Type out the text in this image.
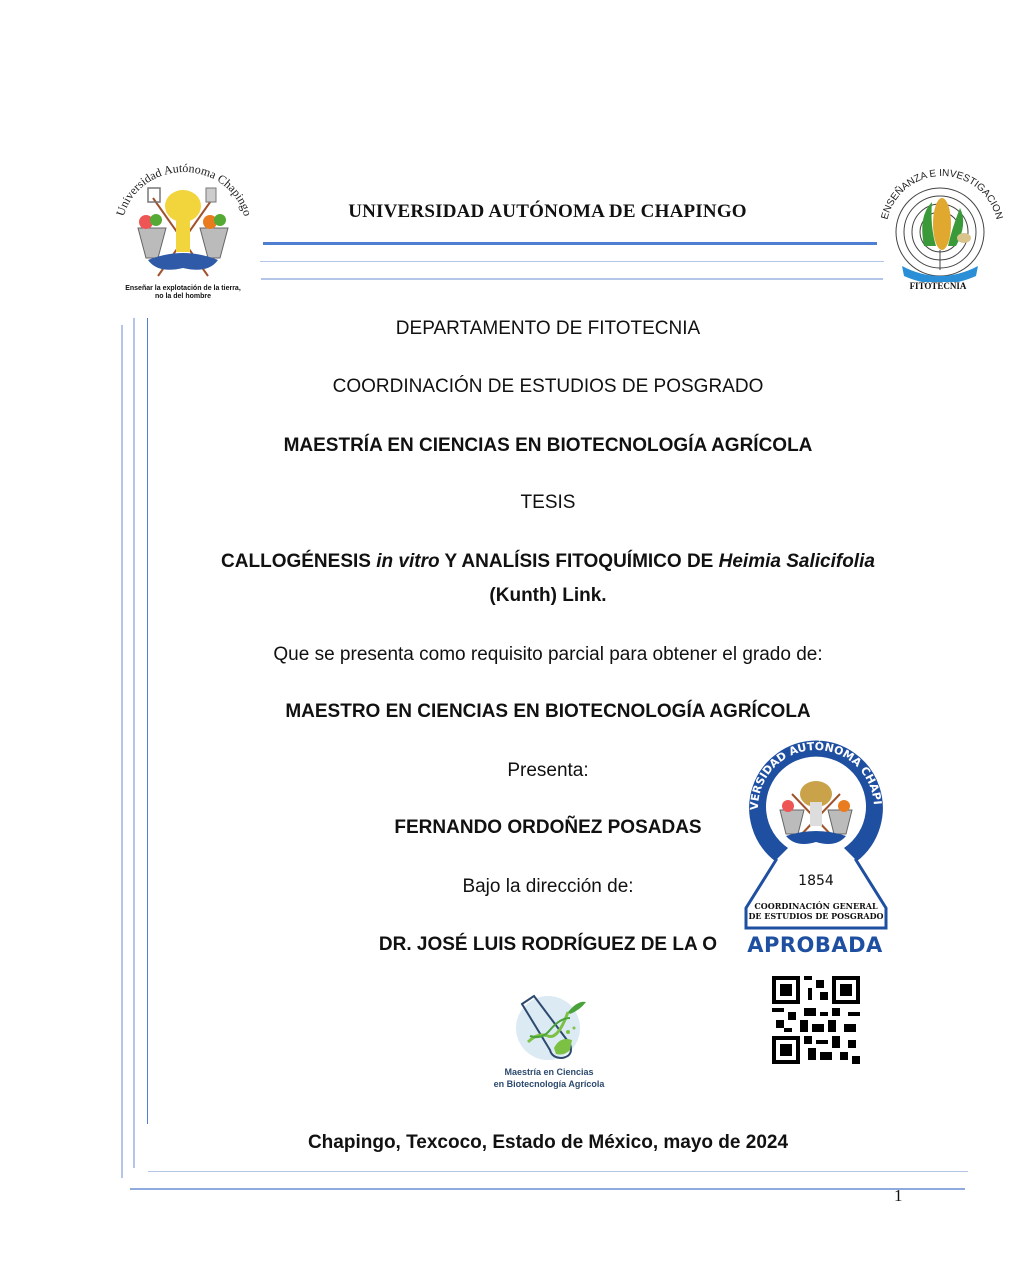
Universidad Autónoma Chapingo
Enseñar la explotación de la tierra,
no la del hombre
UNIVERSIDAD AUTÓNOMA DE CHAPINGO	ENSEÑANZA E INVESTIGACION
FITOTECNIA
DEPARTAMENTO DE FITOTECNIA
COORDINACIÓN DE ESTUDIOS DE POSGRADO
MAESTRÍA EN CIENCIAS EN BIOTECNOLOGÍA AGRÍCOLA
TESIS
CALLOGÉNESIS in vitro Y ANALÍSIS FITOQUÍMICO DE Heimia Salicifolia
(Kunth) Link.
Que se presenta como requisito parcial para obtener el grado de:
MAESTRO EN CIENCIAS EN BIOTECNOLOGÍA AGRÍCOLA
Presenta:
FERNANDO ORDOÑEZ POSADAS
Bajo la dirección de:
DR. JOSÉ LUIS RODRÍGUEZ DE LA O
VERSIDAD AUTÓNOMA CHAPI
1854
COORDINACIÓN GENERAL
DE ESTUDIOS DE POSGRADO
APROBADA
Maestría en Ciencias
en Biotecnología Agrícola
Chapingo, Texcoco, Estado de México, mayo de 2024
1
